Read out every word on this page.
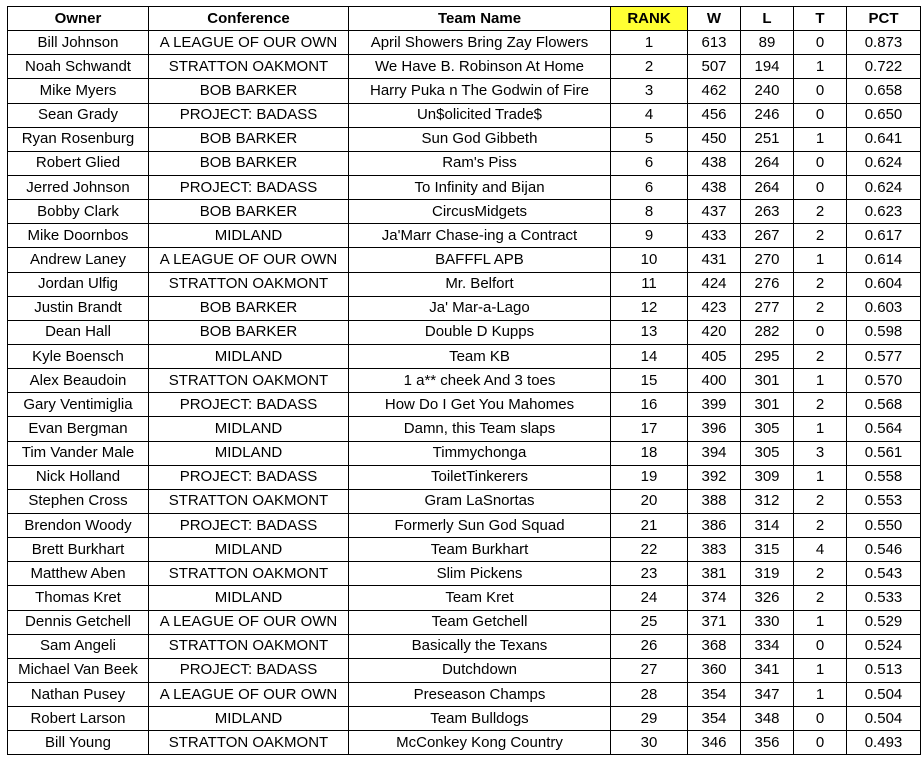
Owner	Conference	Team Name	RANK	W	L	T	PCT
Bill Johnson	A LEAGUE OF OUR OWN	April Showers Bring Zay Flowers	1	613	89	0	0.873
Noah Schwandt	STRATTON OAKMONT	We Have B. Robinson At Home	2	507	194	1	0.722
Mike Myers	BOB BARKER	Harry Puka n The Godwin of Fire	3	462	240	0	0.658
Sean Grady	PROJECT: BADASS	Un$olicited Trade$	4	456	246	0	0.650
Ryan Rosenburg	BOB BARKER	Sun God Gibbeth	5	450	251	1	0.641
Robert Glied	BOB BARKER	Ram's Piss	6	438	264	0	0.624
Jerred Johnson	PROJECT: BADASS	To Infinity and Bijan	6	438	264	0	0.624
Bobby Clark	BOB BARKER	CircusMidgets	8	437	263	2	0.623
Mike Doornbos	MIDLAND	Ja'Marr Chase-ing a Contract	9	433	267	2	0.617
Andrew Laney	A LEAGUE OF OUR OWN	BAFFFL APB	10	431	270	1	0.614
Jordan Ulfig	STRATTON OAKMONT	Mr. Belfort	11	424	276	2	0.604
Justin Brandt	BOB BARKER	Ja' Mar-a-Lago	12	423	277	2	0.603
Dean Hall	BOB BARKER	Double D Kupps	13	420	282	0	0.598
Kyle Boensch	MIDLAND	Team KB	14	405	295	2	0.577
Alex Beaudoin	STRATTON OAKMONT	1 a** cheek And 3 toes	15	400	301	1	0.570
Gary Ventimiglia	PROJECT: BADASS	How Do I Get You Mahomes	16	399	301	2	0.568
Evan Bergman	MIDLAND	Damn, this Team slaps	17	396	305	1	0.564
Tim Vander Male	MIDLAND	Timmychonga	18	394	305	3	0.561
Nick Holland	PROJECT: BADASS	ToiletTinkerers	19	392	309	1	0.558
Stephen Cross	STRATTON OAKMONT	Gram LaSnortas	20	388	312	2	0.553
Brendon Woody	PROJECT: BADASS	Formerly Sun God Squad	21	386	314	2	0.550
Brett Burkhart	MIDLAND	Team Burkhart	22	383	315	4	0.546
Matthew Aben	STRATTON OAKMONT	Slim Pickens	23	381	319	2	0.543
Thomas Kret	MIDLAND	Team Kret	24	374	326	2	0.533
Dennis Getchell	A LEAGUE OF OUR OWN	Team Getchell	25	371	330	1	0.529
Sam Angeli	STRATTON OAKMONT	Basically the Texans	26	368	334	0	0.524
Michael Van Beek	PROJECT: BADASS	Dutchdown	27	360	341	1	0.513
Nathan Pusey	A LEAGUE OF OUR OWN	Preseason Champs	28	354	347	1	0.504
Robert Larson	MIDLAND	Team Bulldogs	29	354	348	0	0.504
Bill Young	STRATTON OAKMONT	McConkey Kong Country	30	346	356	0	0.493
